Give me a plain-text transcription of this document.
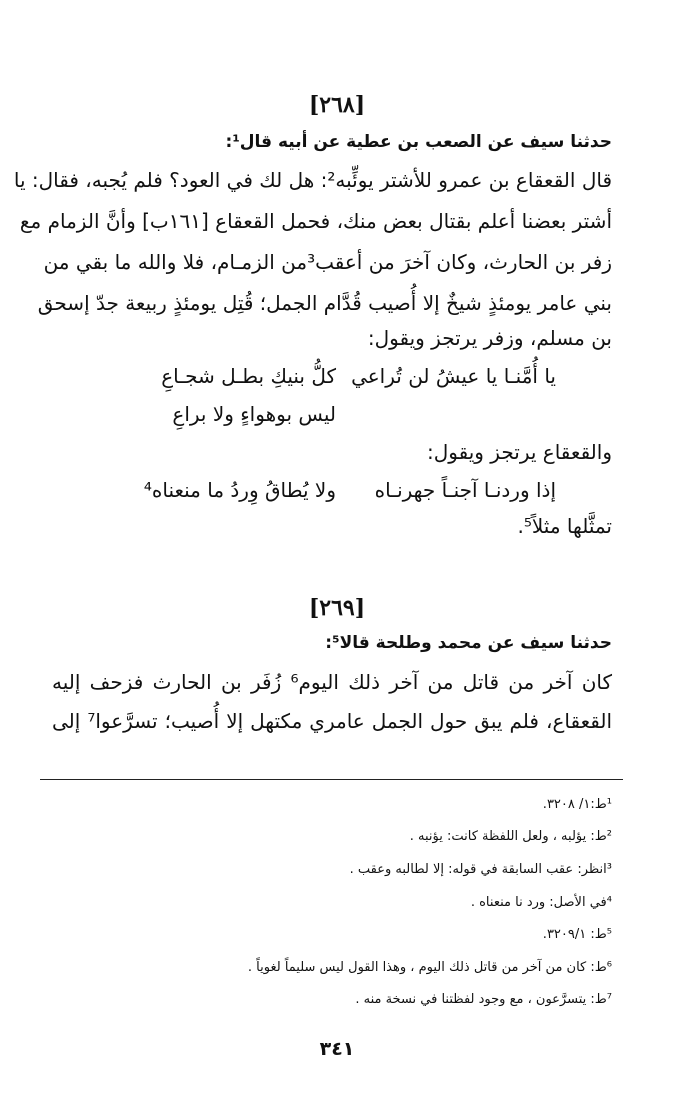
[٢٦٨]
حدثنا سيف عن الصعب بن عطية عن أبيه قال¹:
قال القعقاع بن عمرو للأشتر يوئِّبه²: هل لك في العود؟ فلم يُجبه، فقال: يا
أشتر بعضنا أعلم بقتال بعض منك، فحمل القعقاع [١٦١ب] وأنَّ الزمام مع
زفر بن الحارث، وكان آخرَ من أعقب³من الزمـام، فلا والله ما بقي من
بني عامر يومئذٍ شيخٌ إلا أُصيب قُدَّام الجمل؛ قُتِل يومئذٍ ربيعة جدّ إسحق
بن مسلم، وزفر يرتجز ويقول:
يا أُمَّنـا يا عيشُ لن تُراعي
كلُّ بنيكِ بطـل شجـاعِ
ليس بوهواءٍ ولا براعِ
والقعقاع يرتجز ويقول:
إذا وردنـا آجنـاً جهرنـاه
ولا يُطاقُ وِردُ ما منعناه⁴
تمثَّلها مثلاً⁵.
[٢٦٩]
حدثنا سيف عن محمد وطلحة قالا⁵:
كان آخر من قاتل من آخر ذلك اليوم⁶ زُفَر بن الحارث فزحف إليه
القعقاع، فلم يبق حول الجمل عامري مكتهل إلا أُصيب؛ تسرَّعوا⁷ إلى
¹ط:١/ ٣٢٠٨.
²ط: يؤلبه ، ولعل اللفظة كانت: يؤنبه .
³انظر: عقب السابقة في قوله: إلا لطالبه وعقب .
⁴في الأصل: ورد نا منعناه .
⁵ط: ٣٢٠٩/١.
⁶ط: كان من آخر من قاتل ذلك اليوم ، وهذا القول ليس سليماً لغوياً .
⁷ط: يتسرَّعون ، مع وجود لفظتنا في نسخة منه .
٣٤١
